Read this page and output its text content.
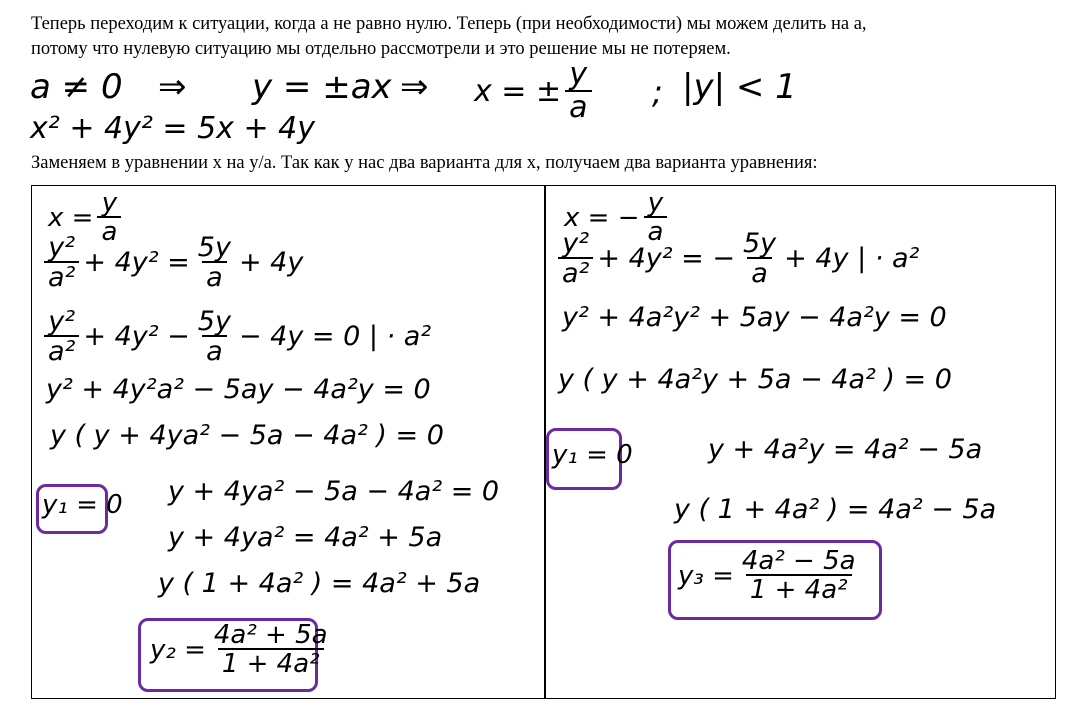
Теперь переходим к ситуации, когда a не равно нулю. Теперь (при необходимости) мы можем делить на a,

потому что нулевую ситуацию мы отдельно рассмотрели и это решение мы не потеряем.

a ≠ 0 ⇒ y = ±ax ⇒ x = ± $\frac{y}{a}$ ; |y| < 1
x² + 4y² = 5x + 4y

Заменяем в уравнении x на y/a. Так как у нас два варианта для x, получаем два варианта уравнения:

$x = \frac{y}{a}$
$\frac{\text{y²}}{\text{a²}} + 4y^2 = \frac{5y}{a} + 4y$
$\frac{\text{y²}}{\text{a²}} + 4y^2 - \frac{5y}{a} - 4y = 0$ | · a²
y² + 4y²a² − 5ay − 4a²y = 0
y ( y + 4ya² − 5a − 4a² ) = 0
y₁ = 0 y + 4ya² − 5a − 4a² = 0
y + 4ya² = 4a² + 5a
y ( 1 + 4a² ) = 4a² + 5a
$y_2 = \frac{\text{4a² + 5a}}{\text{1 + 4a²}}$
x = − $\frac{y}{a}$
$\frac{\text{y²}}{\text{a²}} + 4y^2$ = − $\frac{5y}{a} + 4y$ | · a²
y² + 4a²y² + 5ay − 4a²y = 0
y ( y + 4a²y + 5a − 4a² ) = 0
y₁ = 0	y + 4a²y = 4a² − 5a
y ( 1 + 4a² ) = 4a² − 5a
$y_3 = \frac{\text{4a² − 5a}}{\text{1 + 4a²}}$
